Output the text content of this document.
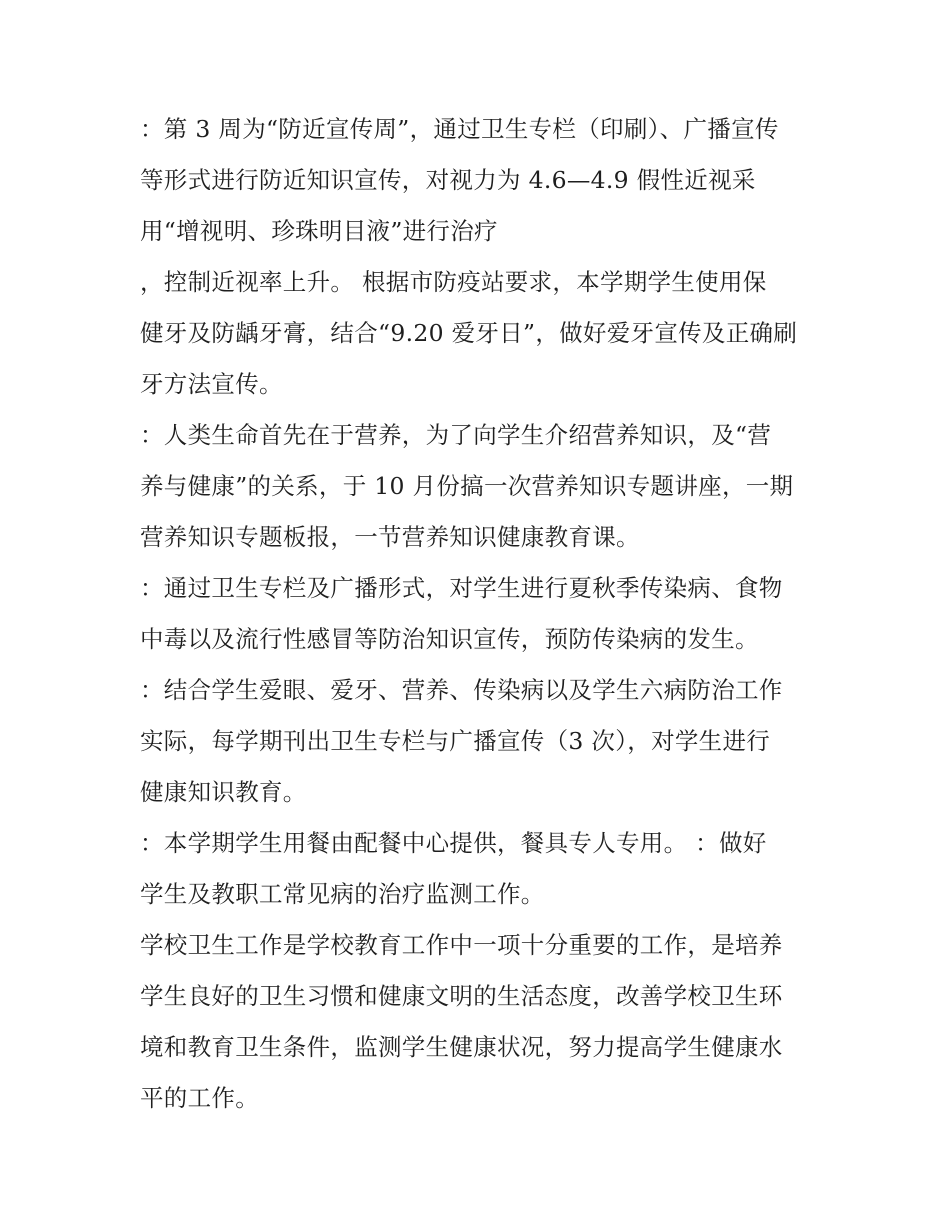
：第 3 周为“防近宣传周”，通过卫生专栏（印刷）、广播宣传
等形式进行防近知识宣传，对视力为 4.6—4.9 假性近视采
用“增视明、珍珠明目液”进行治疗
，控制近视率上升。 根据市防疫站要求，本学期学生使用保
健牙及防龋牙膏，结合“9.20 爱牙日”，做好爱牙宣传及正确刷
牙方法宣传。
：人类生命首先在于营养，为了向学生介绍营养知识，及“营
养与健康”的关系，于 10 月份搞一次营养知识专题讲座，一期
营养知识专题板报，一节营养知识健康教育课。
：通过卫生专栏及广播形式，对学生进行夏秋季传染病、食物
中毒以及流行性感冒等防治知识宣传，预防传染病的发生。
：结合学生爱眼、爱牙、营养、传染病以及学生六病防治工作
实际，每学期刊出卫生专栏与广播宣传（3 次），对学生进行
健康知识教育。
：本学期学生用餐由配餐中心提供，餐具专人专用。 ：做好
学生及教职工常见病的治疗监测工作。
学校卫生工作是学校教育工作中一项十分重要的工作，是培养
学生良好的卫生习惯和健康文明的生活态度，改善学校卫生环
境和教育卫生条件，监测学生健康状况，努力提高学生健康水
平的工作。
